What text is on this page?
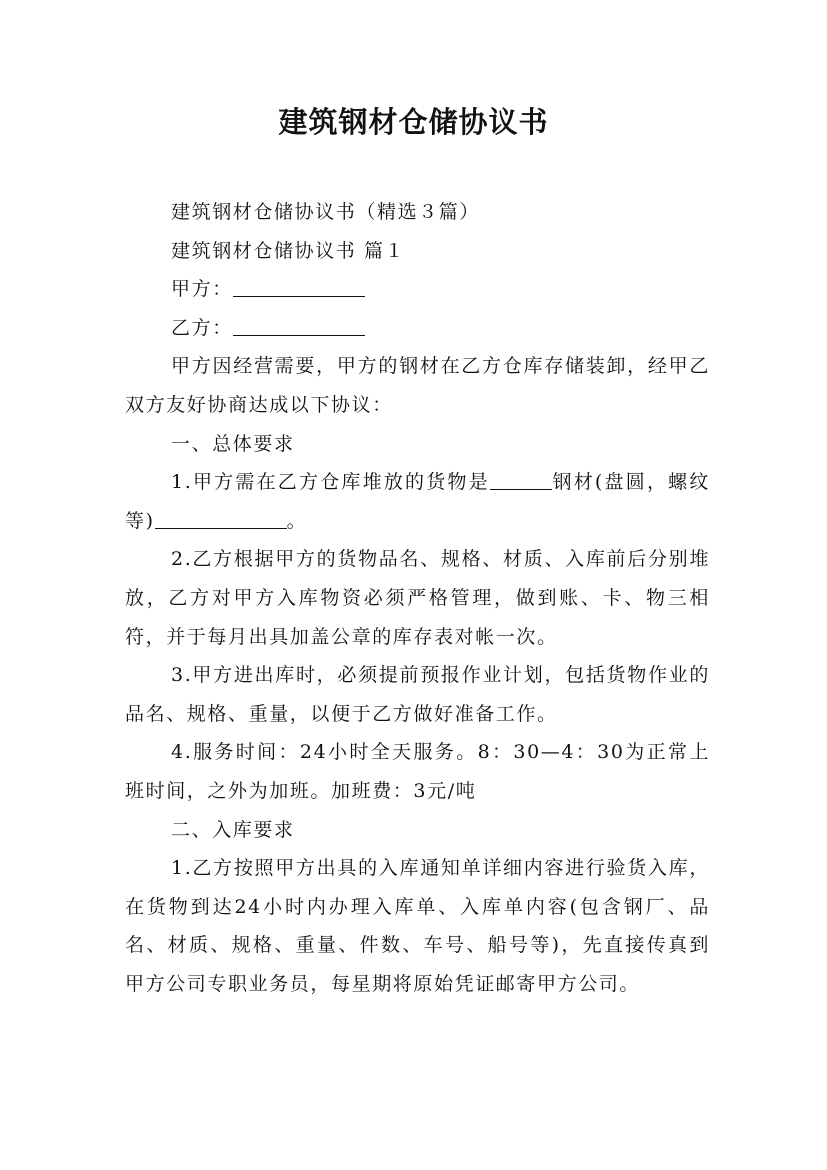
建筑钢材仓储协议书

建筑钢材仓储协议书（精选３篇）

建筑钢材仓储协议书 篇１

甲方：

乙方：

甲方因经营需要，甲方的钢材在乙方仓库存储装卸，经甲乙双方友好协商达成以下协议：

一、总体要求

1.甲方需在乙方仓库堆放的货物是	钢材(盘圆，螺纹等)	。

2.乙方根据甲方的货物品名、规格、材质、入库前后分别堆放，乙方对甲方入库物资必须严格管理，做到账、卡、物三相符，并于每月出具加盖公章的库存表对帐一次。

3.甲方进出库时，必须提前预报作业计划，包括货物作业的品名、规格、重量，以便于乙方做好准备工作。

4.服务时间：24小时全天服务。8：30—4：30为正常上班时间，之外为加班。加班费：3元/吨

二、入库要求

1.乙方按照甲方出具的入库通知单详细内容进行验货入库，在货物到达24小时内办理入库单、入库单内容(包含钢厂、品名、材质、规格、重量、件数、车号、船号等)，先直接传真到甲方公司专职业务员，每星期将原始凭证邮寄甲方公司。
